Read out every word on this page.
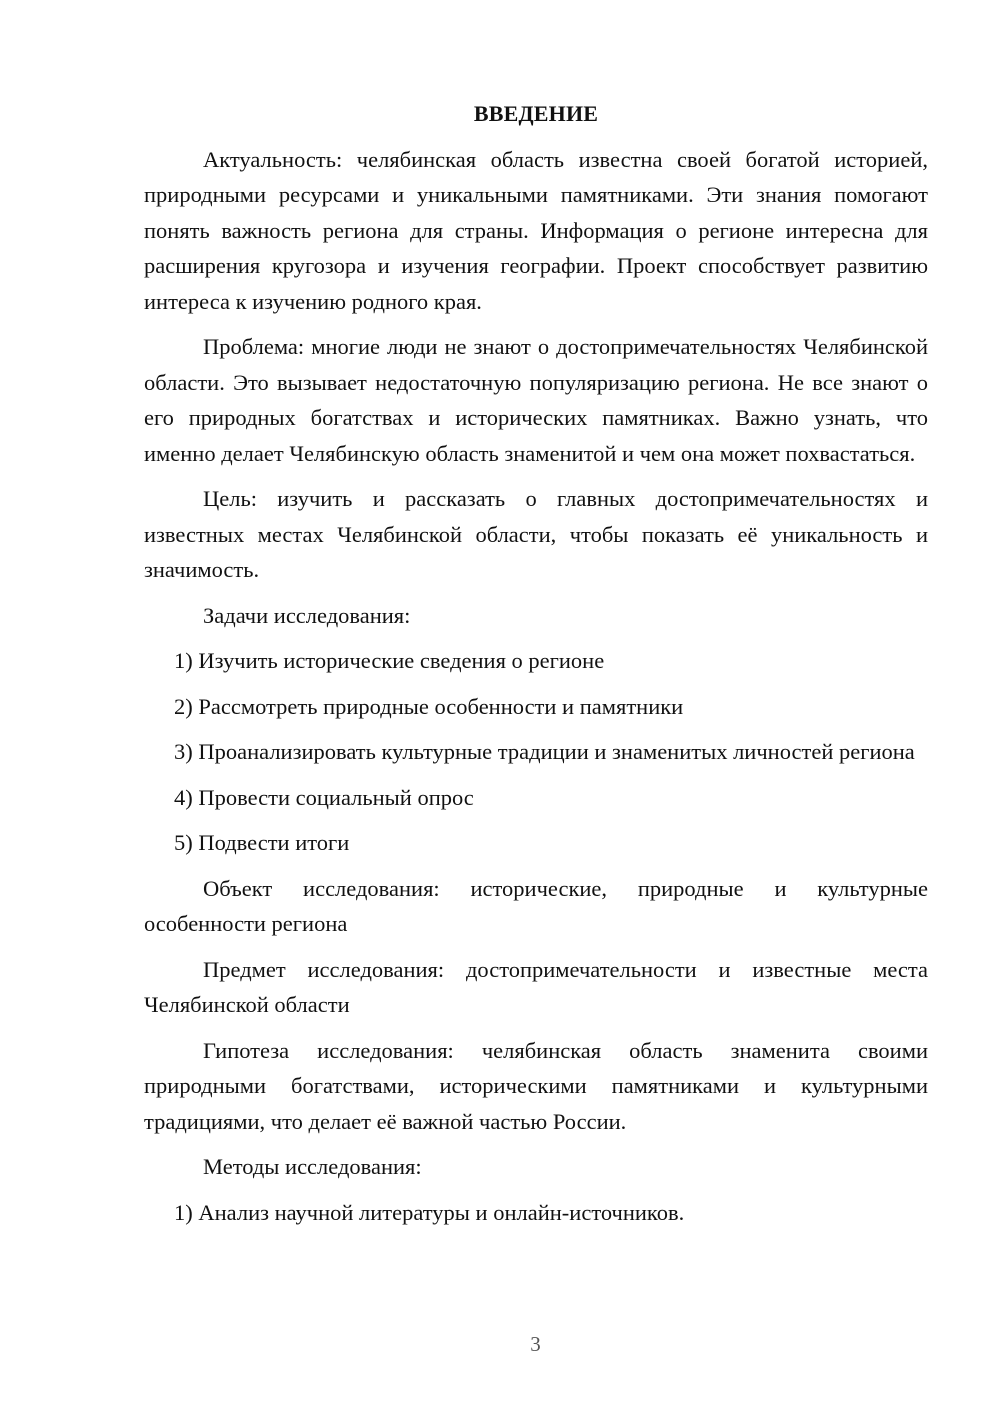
ВВЕДЕНИЕ
Актуальность: челябинская область известна своей богатой историей, природными ресурсами и уникальными памятниками. Эти знания помогают понять важность региона для страны. Информация о регионе интересна для расширения кругозора и изучения географии. Проект способствует развитию интереса к изучению родного края.
Проблема: многие люди не знают о достопримечательностях Челябинской области. Это вызывает недостаточную популяризацию региона. Не все знают о его природных богатствах и исторических памятниках. Важно узнать, что именно делает Челябинскую область знаменитой и чем она может похвастаться.
Цель: изучить и рассказать о главных достопримечательностях и известных местах Челябинской области, чтобы показать её уникальность и значимость.
Задачи исследования:
1) Изучить исторические сведения о регионе
2) Рассмотреть природные особенности и памятники
3) Проанализировать культурные традиции и знаменитых личностей региона
4) Провести социальный опрос
5) Подвести итоги
Объект исследования: исторические, природные и культурные особенности региона
Предмет исследования: достопримечательности и известные места Челябинской области
Гипотеза исследования: челябинская область знаменита своими природными богатствами, историческими памятниками и культурными традициями, что делает её важной частью России.
Методы исследования:
1) Анализ научной литературы и онлайн-источников.
3
